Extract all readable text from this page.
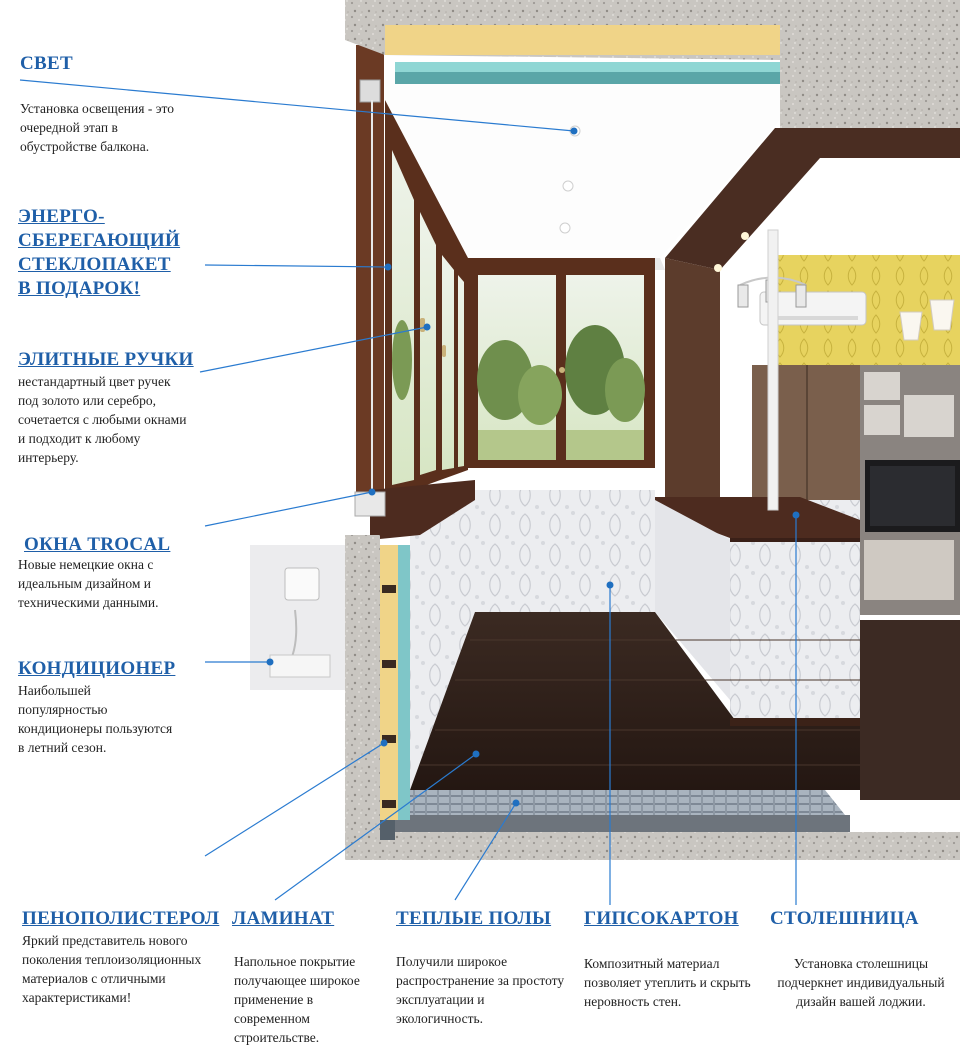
СВЕТ

Установка освещения - это очередной этап в обустройстве балкона.

ЭНЕРГО-
СБЕРЕГАЮЩИЙ
СТЕКЛОПАКЕТ
В ПОДАРОК!
ЭЛИТНЫЕ РУЧКИ

нестандартный цвет ручек под золото или серебро, сочетается с любыми окнами и подходит к любому интерьеру.

ОКНА TROCAL

Новые немецкие окна с идеальным дизайном и техническими данными.

КОНДИЦИОНЕР

Наибольшей популярностью кондиционеры пользуются в летний сезон.

ПЕНОПОЛИСТЕРОЛ

Яркий представитель нового поколения теплоизоляционных материалов с отличными характеристиками!

ЛАМИНАТ

Напольное покрытие получающее широкое применение в современном строительстве.

ТЕПЛЫЕ ПОЛЫ

Получили широкое распространение за простоту эксплуатации и экологичность.

ГИПСОКАРТОН

Композитный материал позволяет утеплить и скрыть неровность стен.

СТОЛЕШНИЦА

Установка столешницы подчеркнет индивидуальный дизайн вашей лоджии.
